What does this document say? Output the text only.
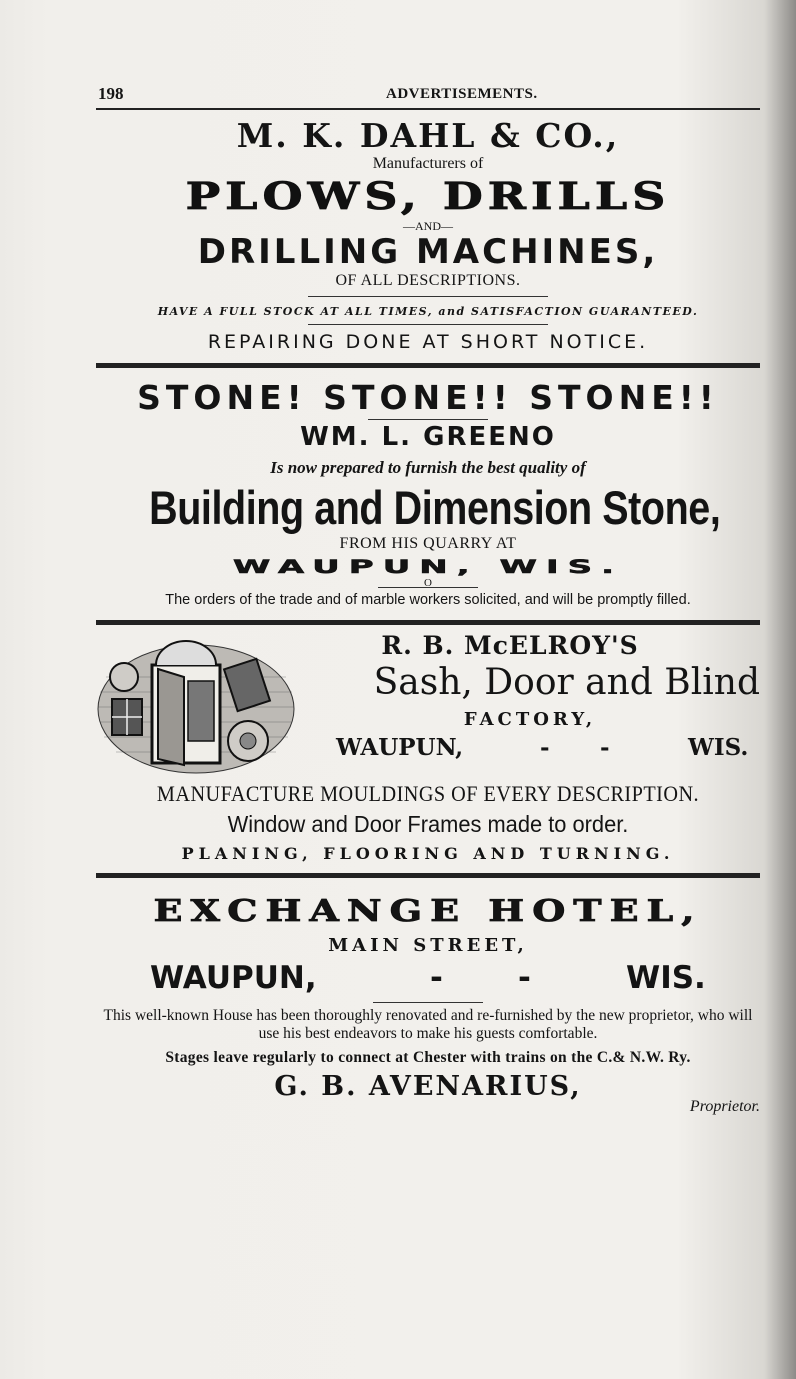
198	ADVERTISEMENTS.
M. K. DAHL & CO.,
Manufacturers of
PLOWS, DRILLS
—AND—
DRILLING MACHINES,
OF ALL DESCRIPTIONS.
HAVE A FULL STOCK AT ALL TIMES, and SATISFACTION GUARANTEED.
REPAIRING DONE AT SHORT NOTICE.
STONE! STONE!! STONE!!
WM. L. GREENO
Is now prepared to furnish the best quality of
Building and Dimension Stone,
FROM HIS QUARRY AT
WAUPUN, WIS.
O
The orders of the trade and of marble workers solicited, and will be promptly filled.
R. B. McELROY'S
Sash, Door and Blind
FACTORY,
WAUPUN,	- -	WIS.
MANUFACTURE MOULDINGS OF EVERY DESCRIPTION.
Window and Door Frames made to order.
PLANING, FLOORING AND TURNING.
EXCHANGE HOTEL,
MAIN STREET,
WAUPUN,	- -	WIS.
This well-known House has been thoroughly renovated and re-furnished by the new proprietor, who will use his best endeavors to make his guests comfortable.
Stages leave regularly to connect at Chester with trains on the C.& N.W. Ry.
G. B. AVENARIUS,
Proprietor.
